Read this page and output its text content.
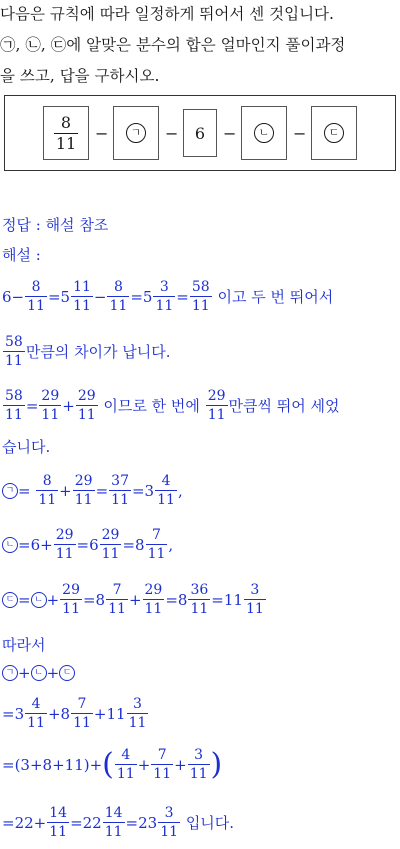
다음은 규칙에 따라 일정하게 뛰어서 센 것입니다.
㉠, ㉡, ㉢에 알맞은 분수의 합은 얼마인지 풀이과정
을 쓰고, 답을 구하시오.
$\frac{8}{11}$ −	ㄱ −	6	−	ㄴ −	ㄷ
정답 : 해설 참조
해설 :
$6- \frac{8}{11} =5 \frac{11}{11} - \frac{8}{11} =5 \frac{3}{11} = \frac{58}{11}$
이고 두 번 뛰어서
$\frac{58}{11}$ 만큼의 차이가 납니다.
$\frac{58}{11} = \frac{29}{11} + \frac{29}{11}$
이므로 한 번에
$\frac{29}{11}$ 만큼씩 뛰어 세었
습니다.
ㄱ = $\frac{8}{11} + \frac{29}{11} = \frac{37}{11} =3 \frac{4}{11}$ ,
ㄴ $=6+ \frac{29}{11} =6 \frac{29}{11} =8 \frac{7}{11}$ ,
ㄷ = ㄴ + $\frac{29}{11} =8 \frac{7}{11} + \frac{29}{11} =8 \frac{36}{11} =11 \frac{3}{11}$
따라서
ㄱ + ㄴ + ㄷ
$=3 \frac{4}{11} +8 \frac{7}{11} +11 \frac{3}{11}$
=(3+8+11)+ ( $\frac{4}{11} + \frac{7}{11} + \frac{3}{11}$ )
$=22+ \frac{14}{11} =22 \frac{14}{11} =23 \frac{3}{11}$
입니다.
